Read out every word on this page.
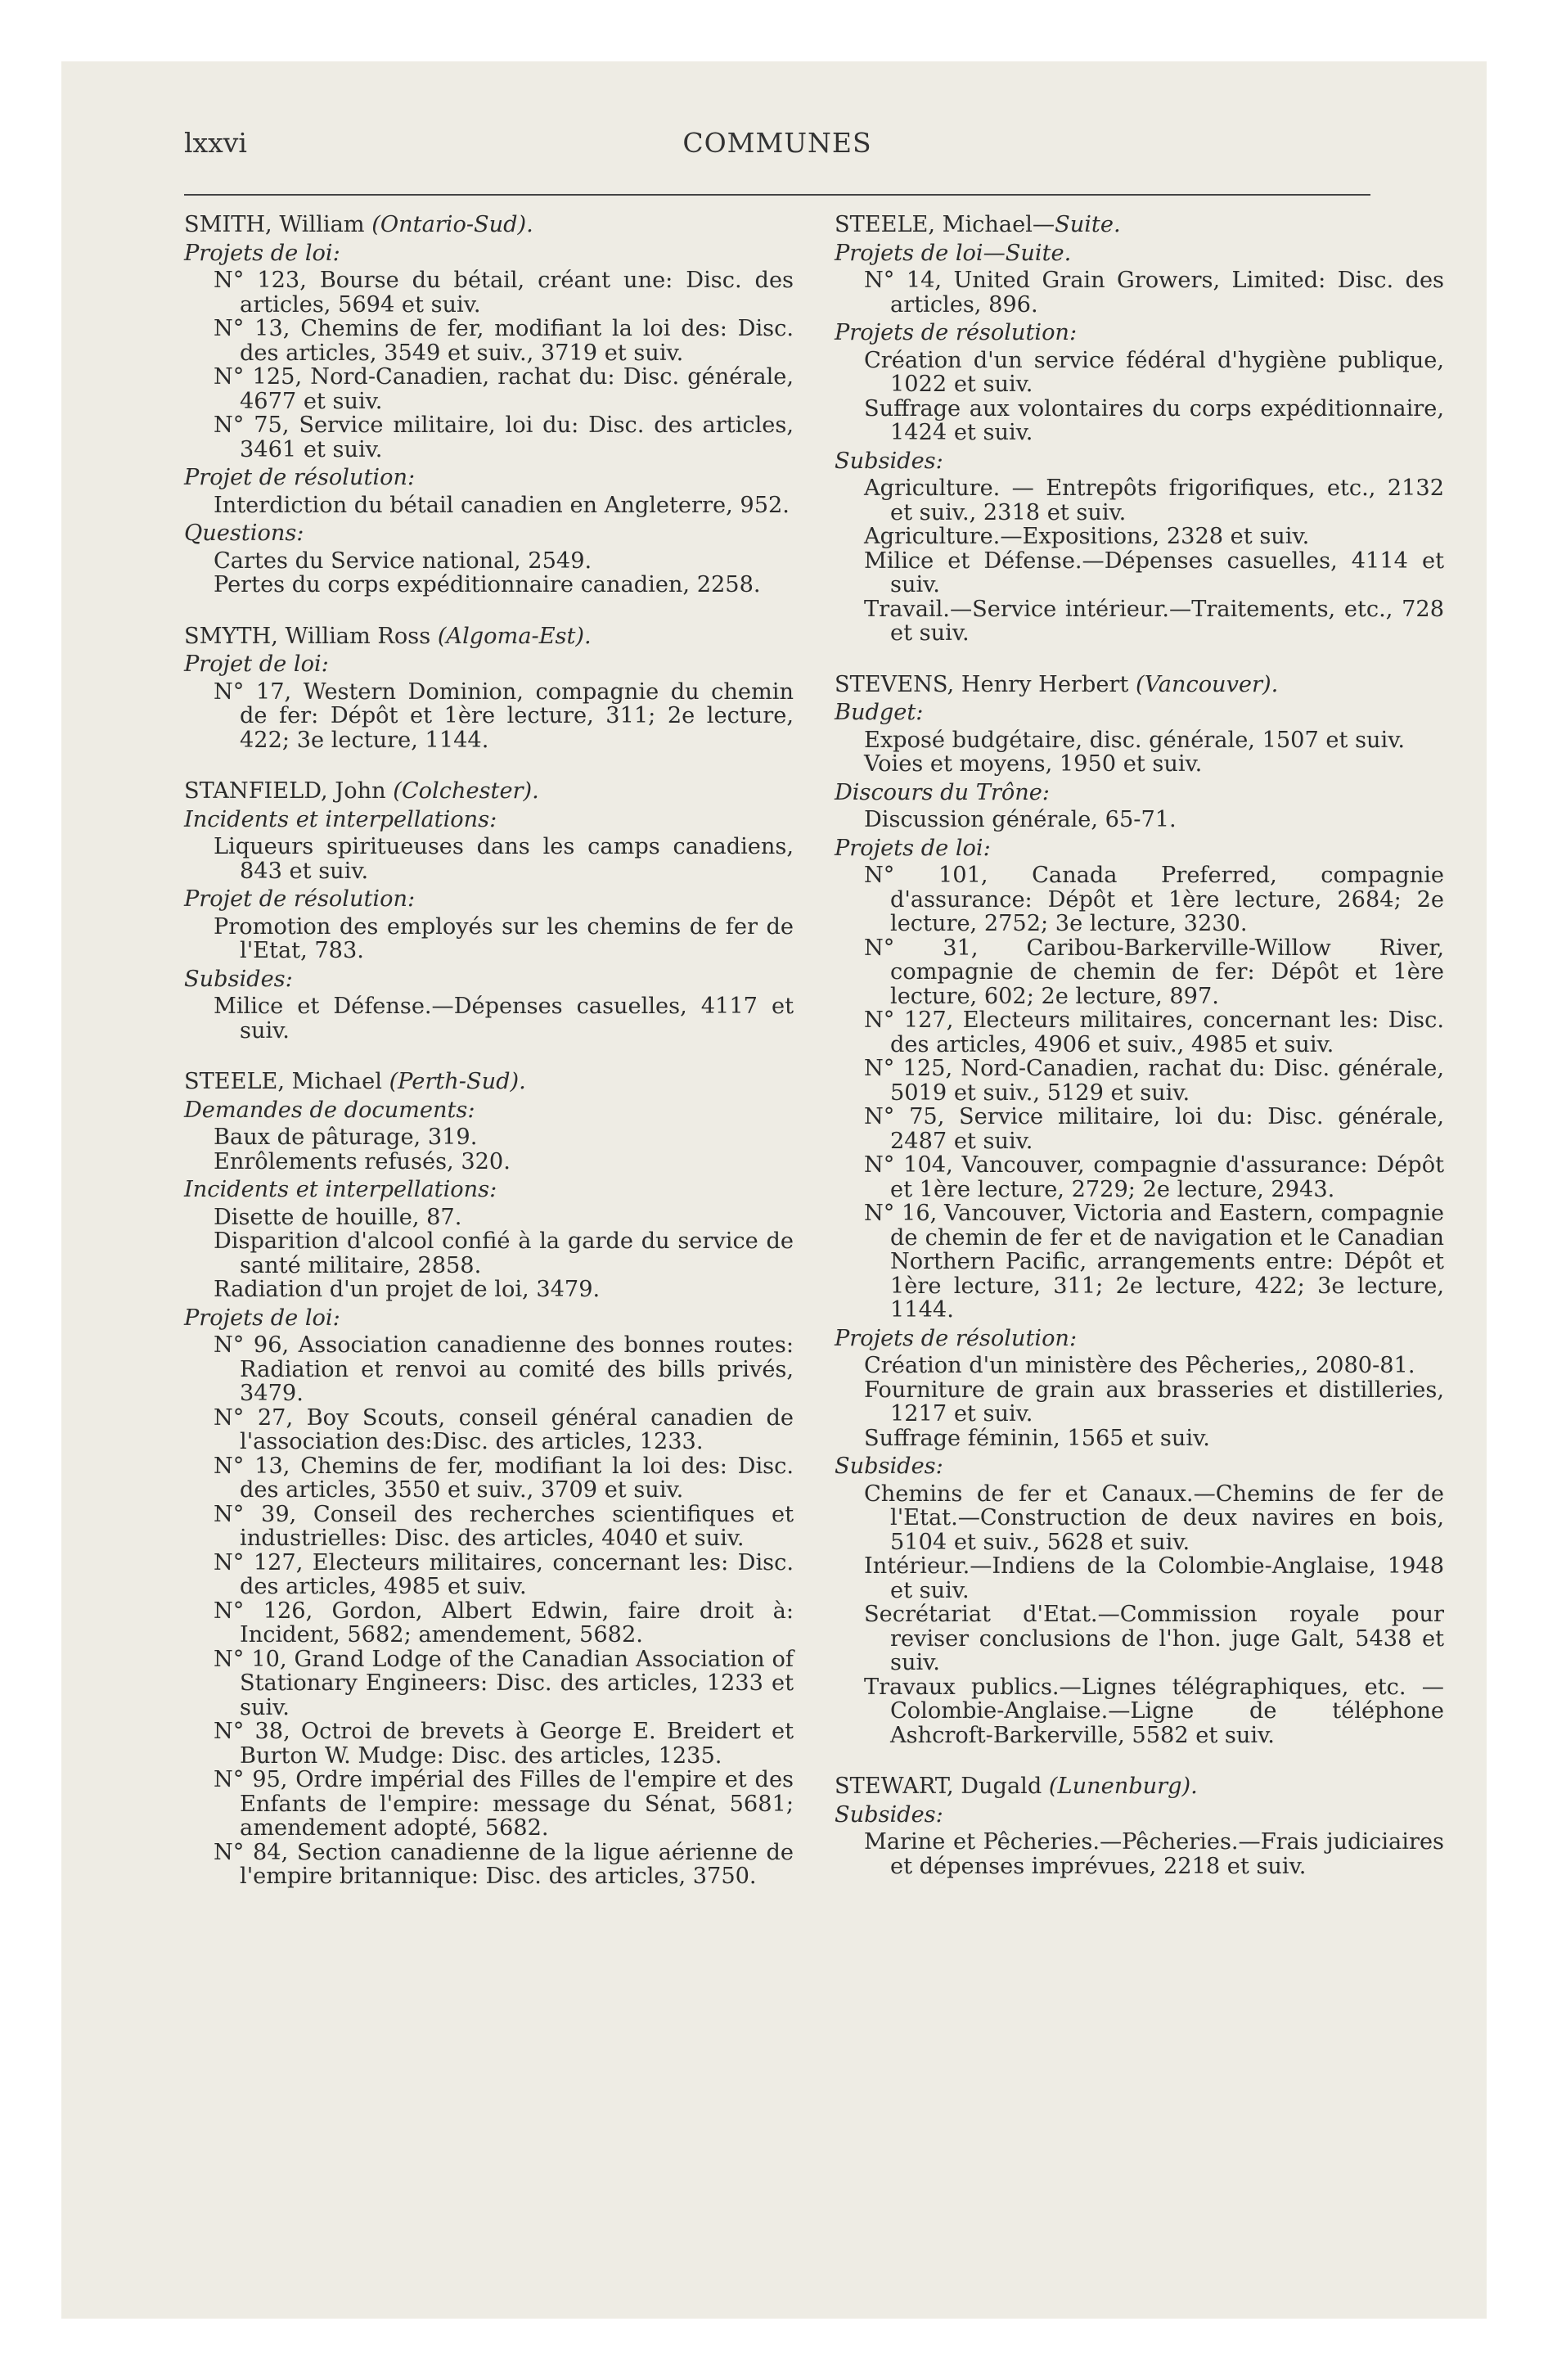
lxxvi	COMMUNES
SMITH, William (Ontario-Sud).
Projets de loi:
N° 123, Bourse du bétail, créant une: Disc. des articles, 5694 et suiv.
N° 13, Chemins de fer, modifiant la loi des: Disc. des articles, 3549 et suiv., 3719 et suiv.
N° 125, Nord-Canadien, rachat du: Disc. générale, 4677 et suiv.
N° 75, Service militaire, loi du: Disc. des articles, 3461 et suiv.
Projet de résolution:
Interdiction du bétail canadien en Angleterre, 952.
Questions:
Cartes du Service national, 2549.
Pertes du corps expéditionnaire canadien, 2258.
SMYTH, William Ross (Algoma-Est).
Projet de loi:
N° 17, Western Dominion, compagnie du chemin de fer: Dépôt et 1ère lecture, 311; 2e lecture, 422; 3e lecture, 1144.
STANFIELD, John (Colchester).
Incidents et interpellations:
Liqueurs spiritueuses dans les camps canadiens, 843 et suiv.
Projet de résolution:
Promotion des employés sur les chemins de fer de l'Etat, 783.
Subsides:
Milice et Défense.—Dépenses casuelles, 4117 et suiv.
STEELE, Michael (Perth-Sud).
Demandes de documents:
Baux de pâturage, 319.
Enrôlements refusés, 320.
Incidents et interpellations:
Disette de houille, 87.
Disparition d'alcool confié à la garde du service de santé militaire, 2858.
Radiation d'un projet de loi, 3479.
Projets de loi:
N° 96, Association canadienne des bonnes routes: Radiation et renvoi au comité des bills privés, 3479.
N° 27, Boy Scouts, conseil général canadien de l'association des:Disc. des articles, 1233.
N° 13, Chemins de fer, modifiant la loi des: Disc. des articles, 3550 et suiv., 3709 et suiv.
N° 39, Conseil des recherches scientifiques et industrielles: Disc. des articles, 4040 et suiv.
N° 127, Electeurs militaires, concernant les: Disc. des articles, 4985 et suiv.
N° 126, Gordon, Albert Edwin, faire droit à: Incident, 5682; amendement, 5682.
N° 10, Grand Lodge of the Canadian Association of Stationary Engineers: Disc. des articles, 1233 et suiv.
N° 38, Octroi de brevets à George E. Breidert et Burton W. Mudge: Disc. des articles, 1235.
N° 95, Ordre impérial des Filles de l'empire et des Enfants de l'empire: message du Sénat, 5681; amendement adopté, 5682.
N° 84, Section canadienne de la ligue aérienne de l'empire britannique: Disc. des articles, 3750.
STEELE, Michael—Suite.
Projets de loi—Suite.
N° 14, United Grain Growers, Limited: Disc. des articles, 896.
Projets de résolution:
Création d'un service fédéral d'hygiène publique, 1022 et suiv.
Suffrage aux volontaires du corps expéditionnaire, 1424 et suiv.
Subsides:
Agriculture. — Entrepôts frigorifiques, etc., 2132 et suiv., 2318 et suiv.
Agriculture.—Expositions, 2328 et suiv.
Milice et Défense.—Dépenses casuelles, 4114 et suiv.
Travail.—Service intérieur.—Traitements, etc., 728 et suiv.
STEVENS, Henry Herbert (Vancouver).
Budget:
Exposé budgétaire, disc. générale, 1507 et suiv.
Voies et moyens, 1950 et suiv.
Discours du Trône:
Discussion générale, 65-71.
Projets de loi:
N° 101, Canada Preferred, compagnie d'assurance: Dépôt et 1ère lecture, 2684; 2e lecture, 2752; 3e lecture, 3230.
N° 31, Caribou-Barkerville-Willow River, compagnie de chemin de fer: Dépôt et 1ère lecture, 602; 2e lecture, 897.
N° 127, Electeurs militaires, concernant les: Disc. des articles, 4906 et suiv., 4985 et suiv.
N° 125, Nord-Canadien, rachat du: Disc. générale, 5019 et suiv., 5129 et suiv.
N° 75, Service militaire, loi du: Disc. générale, 2487 et suiv.
N° 104, Vancouver, compagnie d'assurance: Dépôt et 1ère lecture, 2729; 2e lecture, 2943.
N° 16, Vancouver, Victoria and Eastern, compagnie de chemin de fer et de navigation et le Canadian Northern Pacific, arrangements entre: Dépôt et 1ère lecture, 311; 2e lecture, 422; 3e lecture, 1144.
Projets de résolution:
Création d'un ministère des Pêcheries,, 2080-81.
Fourniture de grain aux brasseries et distilleries, 1217 et suiv.
Suffrage féminin, 1565 et suiv.
Subsides:
Chemins de fer et Canaux.—Chemins de fer de l'Etat.—Construction de deux navires en bois, 5104 et suiv., 5628 et suiv.
Intérieur.—Indiens de la Colombie-Anglaise, 1948 et suiv.
Secrétariat d'Etat.—Commission royale pour reviser conclusions de l'hon. juge Galt, 5438 et suiv.
Travaux publics.—Lignes télégraphiques, etc. —Colombie-Anglaise.—Ligne de téléphone Ashcroft-Barkerville, 5582 et suiv.
STEWART, Dugald (Lunenburg).
Subsides:
Marine et Pêcheries.—Pêcheries.—Frais judiciaires et dépenses imprévues, 2218 et suiv.
